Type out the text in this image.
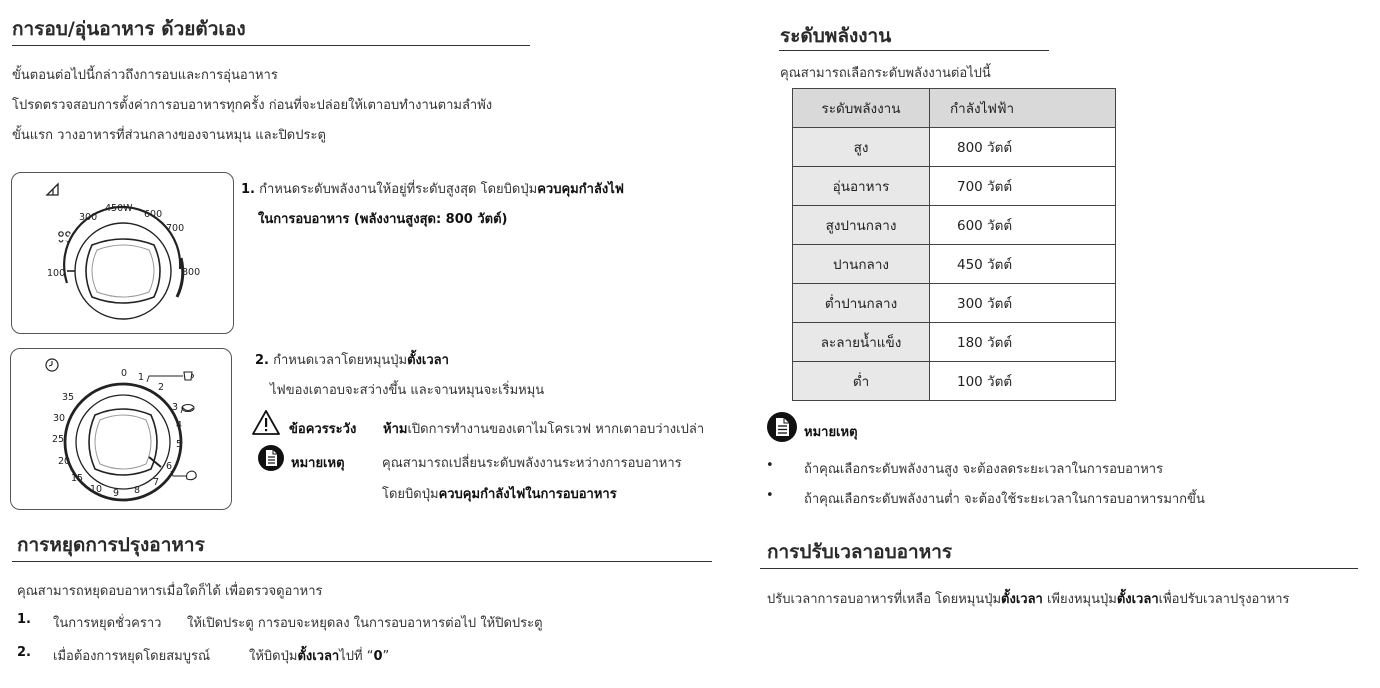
การอบ/อุ่นอาหาร ด้วยตัวเอง
ขั้นตอนต่อไปนี้กล่าวถึงการอบและการอุ่นอาหาร
โปรดตรวจสอบการตั้งค่าการอบอาหารทุกครั้ง ก่อนที่จะปล่อยให้เตาอบทำงานตามลำพัง
ขั้นแรก วางอาหารที่ส่วนกลางของจานหมุน และปิดประตู
100
300
450W
600
700
800
0 1
2
3
4
5
6
7
8
9
10
15
20
25
30
35
1. กำหนดระดับพลังงานให้อยู่ที่ระดับสูงสุด โดยบิดปุ่มควบคุมกำลังไฟ
ในการอบอาหาร (พลังงานสูงสุด: 800 วัตต์)
2. กำหนดเวลาโดยหมุนปุ่มตั้งเวลา
ไฟของเตาอบจะสว่างขึ้น และจานหมุนจะเริ่มหมุน
ข้อควรระวัง ห้ามเปิดการทำงานของเตาไมโครเวฟ หากเตาอบว่างเปล่า
หมายเหตุ	คุณสามารถเปลี่ยนระดับพลังงานระหว่างการอบอาหาร
โดยบิดปุ่มควบคุมกำลังไฟในการอบอาหาร
การหยุดการปรุงอาหาร
คุณสามารถหยุดอบอาหารเมื่อใดก็ได้ เพื่อตรวจดูอาหาร
1. ในการหยุดชั่วคราว ให้เปิดประตู การอบจะหยุดลง ในการอบอาหารต่อไป ให้ปิดประตู
2. เมื่อต้องการหยุดโดยสมบูรณ์	ให้บิดปุ่มตั้งเวลาไปที่ “0”
ระดับพลังงาน
คุณสามารถเลือกระดับพลังงานต่อไปนี้
ระดับพลังงาน	กำลังไฟฟ้า
สูง	800 วัตต์
อุ่นอาหาร	700 วัตต์
สูงปานกลาง	600 วัตต์
ปานกลาง	450 วัตต์
ต่ำปานกลาง	300 วัตต์
ละลายน้ำแข็ง	180 วัตต์
ต่ำ	100 วัตต์
หมายเหตุ
• ถ้าคุณเลือกระดับพลังงานสูง จะต้องลดระยะเวลาในการอบอาหาร
• ถ้าคุณเลือกระดับพลังงานต่ำ จะต้องใช้ระยะเวลาในการอบอาหารมากขึ้น
การปรับเวลาอบอาหาร
ปรับเวลาการอบอาหารที่เหลือ โดยหมุนปุ่มตั้งเวลา เพียงหมุนปุ่มตั้งเวลาเพื่อปรับเวลาปรุงอาหาร
